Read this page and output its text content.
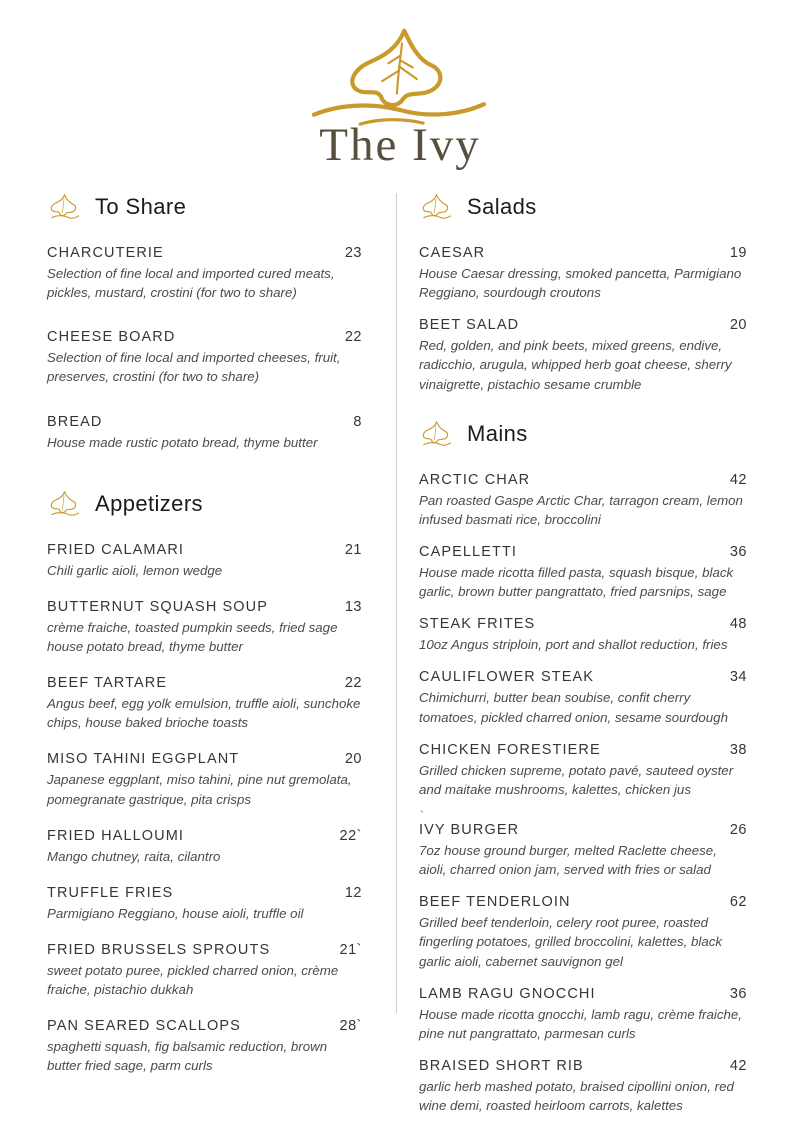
The Ivy
To Share
CHARCUTERIE	23
Selection of fine local and imported cured meats, pickles, mustard, crostini (for two to share)
CHEESE BOARD	22
Selection of fine local and imported cheeses, fruit, preserves, crostini (for two to share)
BREAD	8
House made rustic potato bread, thyme butter
Appetizers
FRIED CALAMARI	21
Chili garlic aioli, lemon wedge
BUTTERNUT SQUASH SOUP	13
crème fraiche, toasted pumpkin seeds, fried sage house potato bread, thyme butter
BEEF TARTARE	22
Angus beef, egg yolk emulsion, truffle aioli, sunchoke chips, house baked brioche toasts
MISO TAHINI EGGPLANT	20
Japanese eggplant, miso tahini, pine nut gremolata, pomegranate gastrique, pita crisps
FRIED HALLOUMI	22`
Mango chutney, raita, cilantro
TRUFFLE FRIES	12
Parmigiano Reggiano, house aioli, truffle oil
FRIED BRUSSELS SPROUTS	21`
sweet potato puree, pickled charred onion, crème fraiche, pistachio dukkah
PAN SEARED SCALLOPS	28`
spaghetti squash, fig balsamic reduction, brown butter fried sage, parm curls
Salads
CAESAR	19
House Caesar dressing, smoked pancetta, Parmigiano Reggiano, sourdough croutons
BEET SALAD	20
Red, golden, and pink beets, mixed greens, endive, radicchio, arugula, whipped herb goat cheese, sherry vinaigrette, pistachio sesame crumble
Mains
ARCTIC CHAR	42
Pan roasted Gaspe Arctic Char, tarragon cream, lemon infused basmati rice, broccolini
CAPELLETTI	36
House made ricotta filled pasta, squash bisque, black garlic, brown butter pangrattato, fried parsnips, sage
STEAK FRITES	48
10oz Angus striploin, port and shallot reduction, fries
CAULIFLOWER STEAK	34
Chimichurri, butter bean soubise, confit cherry tomatoes, pickled charred onion, sesame sourdough
CHICKEN FORESTIERE	38
Grilled chicken supreme, potato pavé, sauteed oyster and maitake mushrooms, kalettes, chicken jus
`
IVY BURGER	26
7oz house ground burger, melted Raclette cheese, aioli, charred onion jam, served with fries or salad
BEEF TENDERLOIN	62
Grilled beef tenderloin, celery root puree, roasted fingerling potatoes, grilled broccolini, kalettes, black garlic aioli, cabernet sauvignon gel
LAMB RAGU GNOCCHI	36
House made ricotta gnocchi, lamb ragu, crème fraiche, pine nut pangrattato, parmesan curls
BRAISED SHORT RIB	42
garlic herb mashed potato, braised cipollini onion, red wine demi, roasted heirloom carrots, kalettes
